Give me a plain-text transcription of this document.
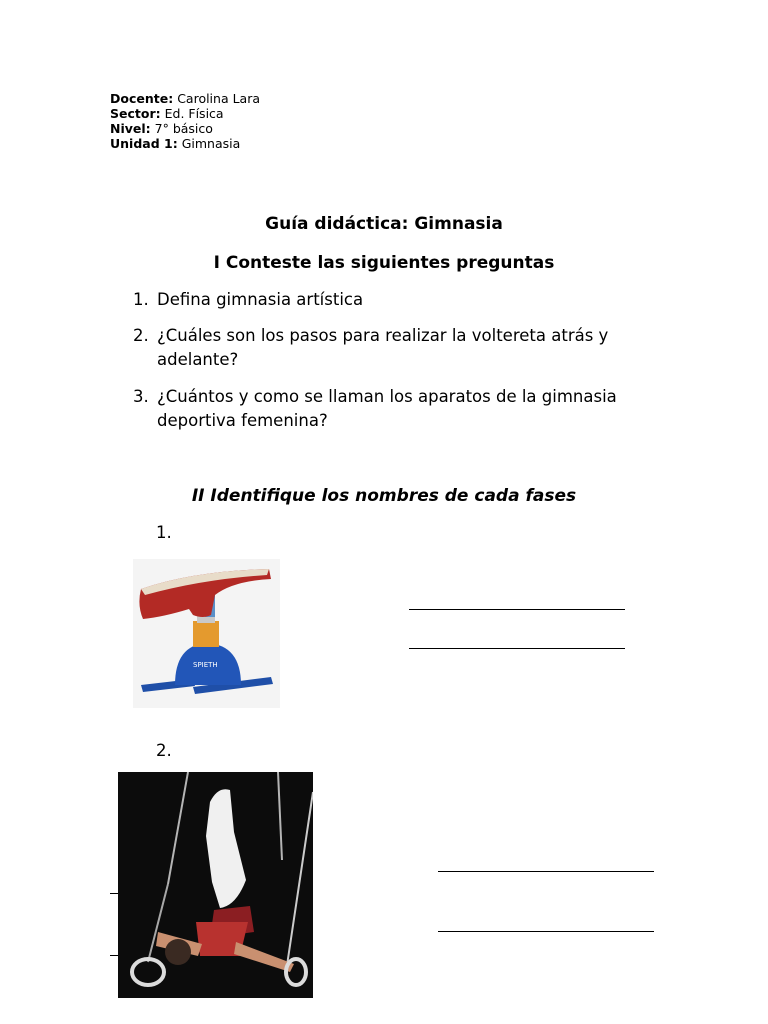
Docente: Carolina Lara
Sector: Ed. Física
Nivel: 7° básico
Unidad 1: Gimnasia
Guía didáctica: Gimnasia
I Conteste las siguientes preguntas
1. Defina gimnasia artística
2. ¿Cuáles son los pasos para realizar la voltereta atrás y adelante?
3. ¿Cuántos y como se llaman los aparatos de la gimnasia deportiva femenina?
II Identifique los nombres de cada fases
1.
SPIETH
2.
